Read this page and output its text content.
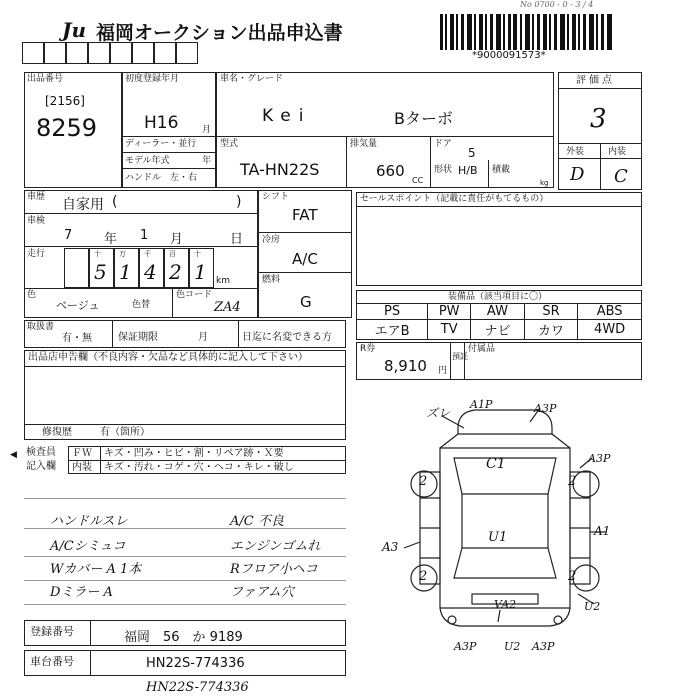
Ju 福岡オークション出品申込書
No 0700 - 0 - 3 / 4
*9000091573*
出品番号
[2156]
8259
初度登録年月
H16	月
ディーラー・並行
モデル年式	年
ハンドル　左・右
車名・グレード
Kei	Bターボ
型式
TA-HN22S
排気量
660
CC
ドア
5
形状 H/B 積載
kg
評価点
3
外装	内装
D C
車歴 自家用 (	)
車検
7 年 1 月	日
走行	十	万	千	百	十
5 1 4 2 1 km
色
ベージュ	色替
色コード
ZA4
シフト
FAT
冷房
A/C
燃料
G
セールスポイント（記載に責任がもてるもの）
装備品（該当項目に〇）
PS	PW	AW	SR	ABS
エアB	TV	ナビ	カワ	4WD
R券
8,910 円
預託
付属品
取扱書
有・無	保証期限	月	日迄に名変できる方
出品店申告欄（不良内容・欠品など具体的に記入して下さい）
修復歴	有（箇所）
◀ 検査員
記入欄
ＦＷ キズ・凹み・ヒビ・割・リペア跡・Ｘ要
内装 キズ・汚れ・コゲ・穴・ヘコ・キレ・破し
ハンドルスレ
A/Cシミュコ
Wカバー A 1本
Dミラー A
A/C 不良
エンジンゴムれ
Rフロア小ヘコ
ファアム穴
ズレ
A1P	A3P
A3P
C1
U1
A3
A1
2	2
2	2
VA2	U2
A3P	U2 A3P
登録番号	福岡　56　か 9189
車台番号	HN22S-774336
HN22S-774336
